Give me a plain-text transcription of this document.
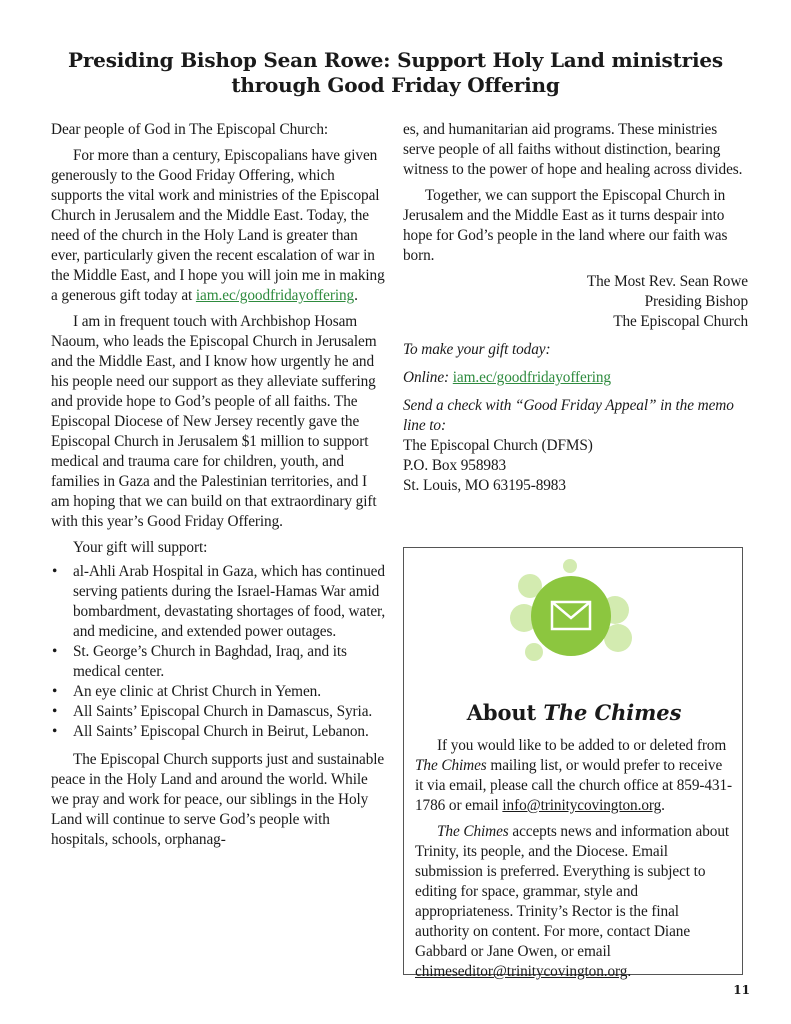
Presiding Bishop Sean Rowe: Support Holy Land ministries through Good Friday Offering

Dear people of God in The Episcopal Church:

For more than a century, Episcopalians have given generously to the Good Friday Offering, which supports the vital work and ministries of the Episcopal Church in Jerusalem and the Middle East. Today, the need of the church in the Holy Land is greater than ever, particularly given the recent escalation of war in the Middle East, and I hope you will join me in making a generous gift today at iam.ec/goodfridayoffering.

I am in frequent touch with Archbishop Hosam Naoum, who leads the Episcopal Church in Jerusalem and the Middle East, and I know how urgently he and his people need our support as they alleviate suffering and provide hope to God’s people of all faiths. The Episcopal Diocese of New Jersey recently gave the Episcopal Church in Jerusalem $1 million to support medical and trauma care for children, youth, and families in Gaza and the Palestinian territories, and I am hoping that we can build on that extraordinary gift with this year’s Good Friday Offering.

Your gift will support:

• al-Ahli Arab Hospital in Gaza, which has continued serving patients during the Israel-Hamas War amid bombardment, devastating shortages of food, water, and medicine, and extended power outages.
• St. George’s Church in Baghdad, Iraq, and its medical center.
• An eye clinic at Christ Church in Yemen.
• All Saints’ Episcopal Church in Damascus, Syria.
• All Saints’ Episcopal Church in Beirut, Lebanon.

The Episcopal Church supports just and sustainable peace in the Holy Land and around the world. While we pray and work for peace, our siblings in the Holy Land will continue to serve God’s people with hospitals, schools, orphanag-

es, and humanitarian aid programs. These ministries serve people of all faiths without distinction, bearing witness to the power of hope and healing across divides.

Together, we can support the Episcopal Church in Jerusalem and the Middle East as it turns despair into hope for God’s people in the land where our faith was born.

The Most Rev. Sean Rowe

Presiding Bishop

The Episcopal Church

To make your gift today:

Online: iam.ec/goodfridayoffering

Send a check with “Good Friday Appeal” in the memo line to:

The Episcopal Church (DFMS)

P.O. Box 958983

St. Louis, MO 63195-8983

About The Chimes

If you would like to be added to or deleted from The Chimes mailing list, or would prefer to receive it via email, please call the church office at 859-431-1786 or email info@trinitycovington.org.

The Chimes accepts news and information about Trinity, its people, and the Diocese. Email submission is preferred. Everything is subject to editing for space, grammar, style and appropriateness. Trinity’s Rector is the final authority on content. For more, contact Diane Gabbard or Jane Owen, or email chimeseditor@trinitycovington.org.

11
